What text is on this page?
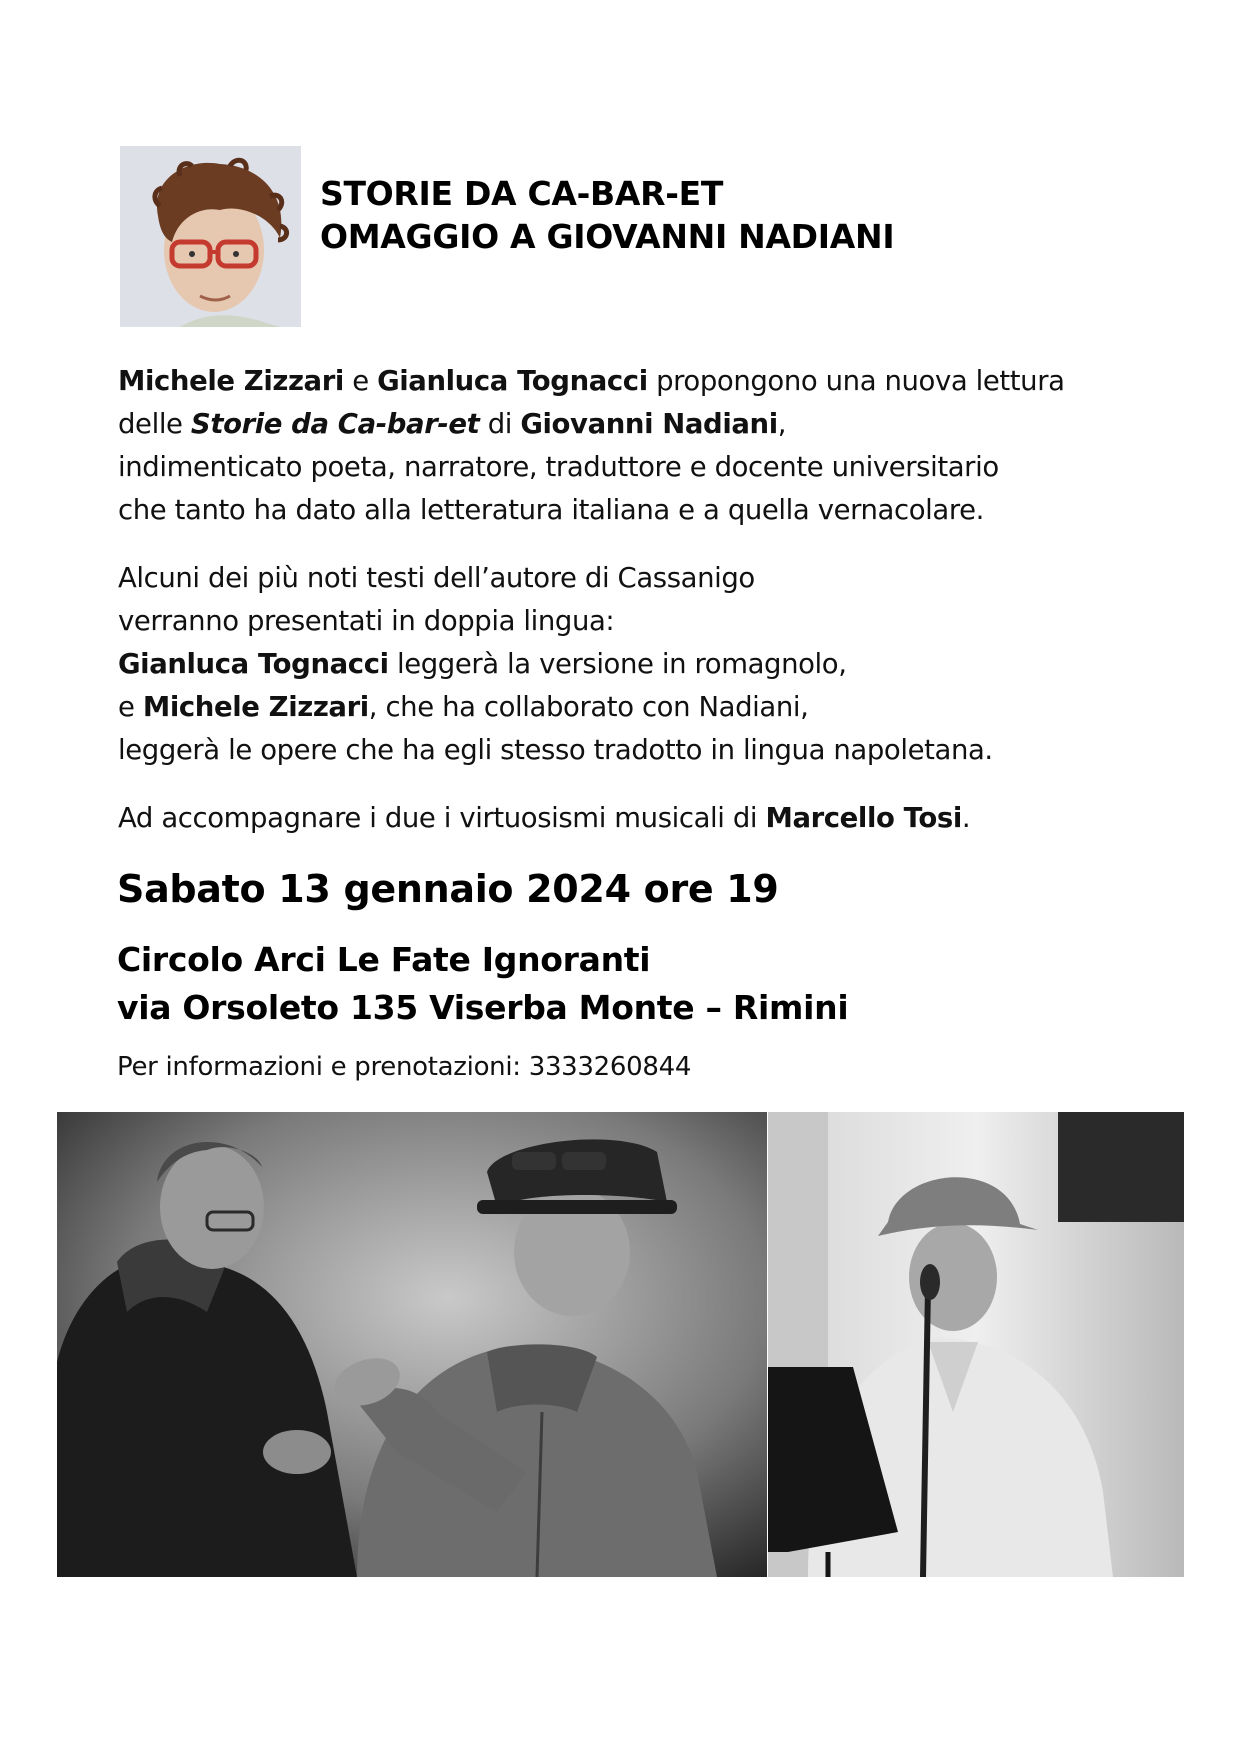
STORIE DA CA-BAR-ET
OMAGGIO A GIOVANNI NADIANI
Michele Zizzari e Gianluca Tognacci propongono una nuova lettura
delle Storie da Ca-bar-et di Giovanni Nadiani,
indimenticato poeta, narratore, traduttore e docente universitario
che tanto ha dato alla letteratura italiana e a quella vernacolare.
Alcuni dei più noti testi dell’autore di Cassanigo
verranno presentati in doppia lingua:
Gianluca Tognacci leggerà la versione in romagnolo,
e Michele Zizzari, che ha collaborato con Nadiani,
leggerà le opere che ha egli stesso tradotto in lingua napoletana.
Ad accompagnare i due i virtuosismi musicali di Marcello Tosi.
Sabato 13 gennaio 2024 ore 19
Circolo Arci Le Fate Ignoranti
via Orsoleto 135 Viserba Monte – Rimini
Per informazioni e prenotazioni: 3333260844
